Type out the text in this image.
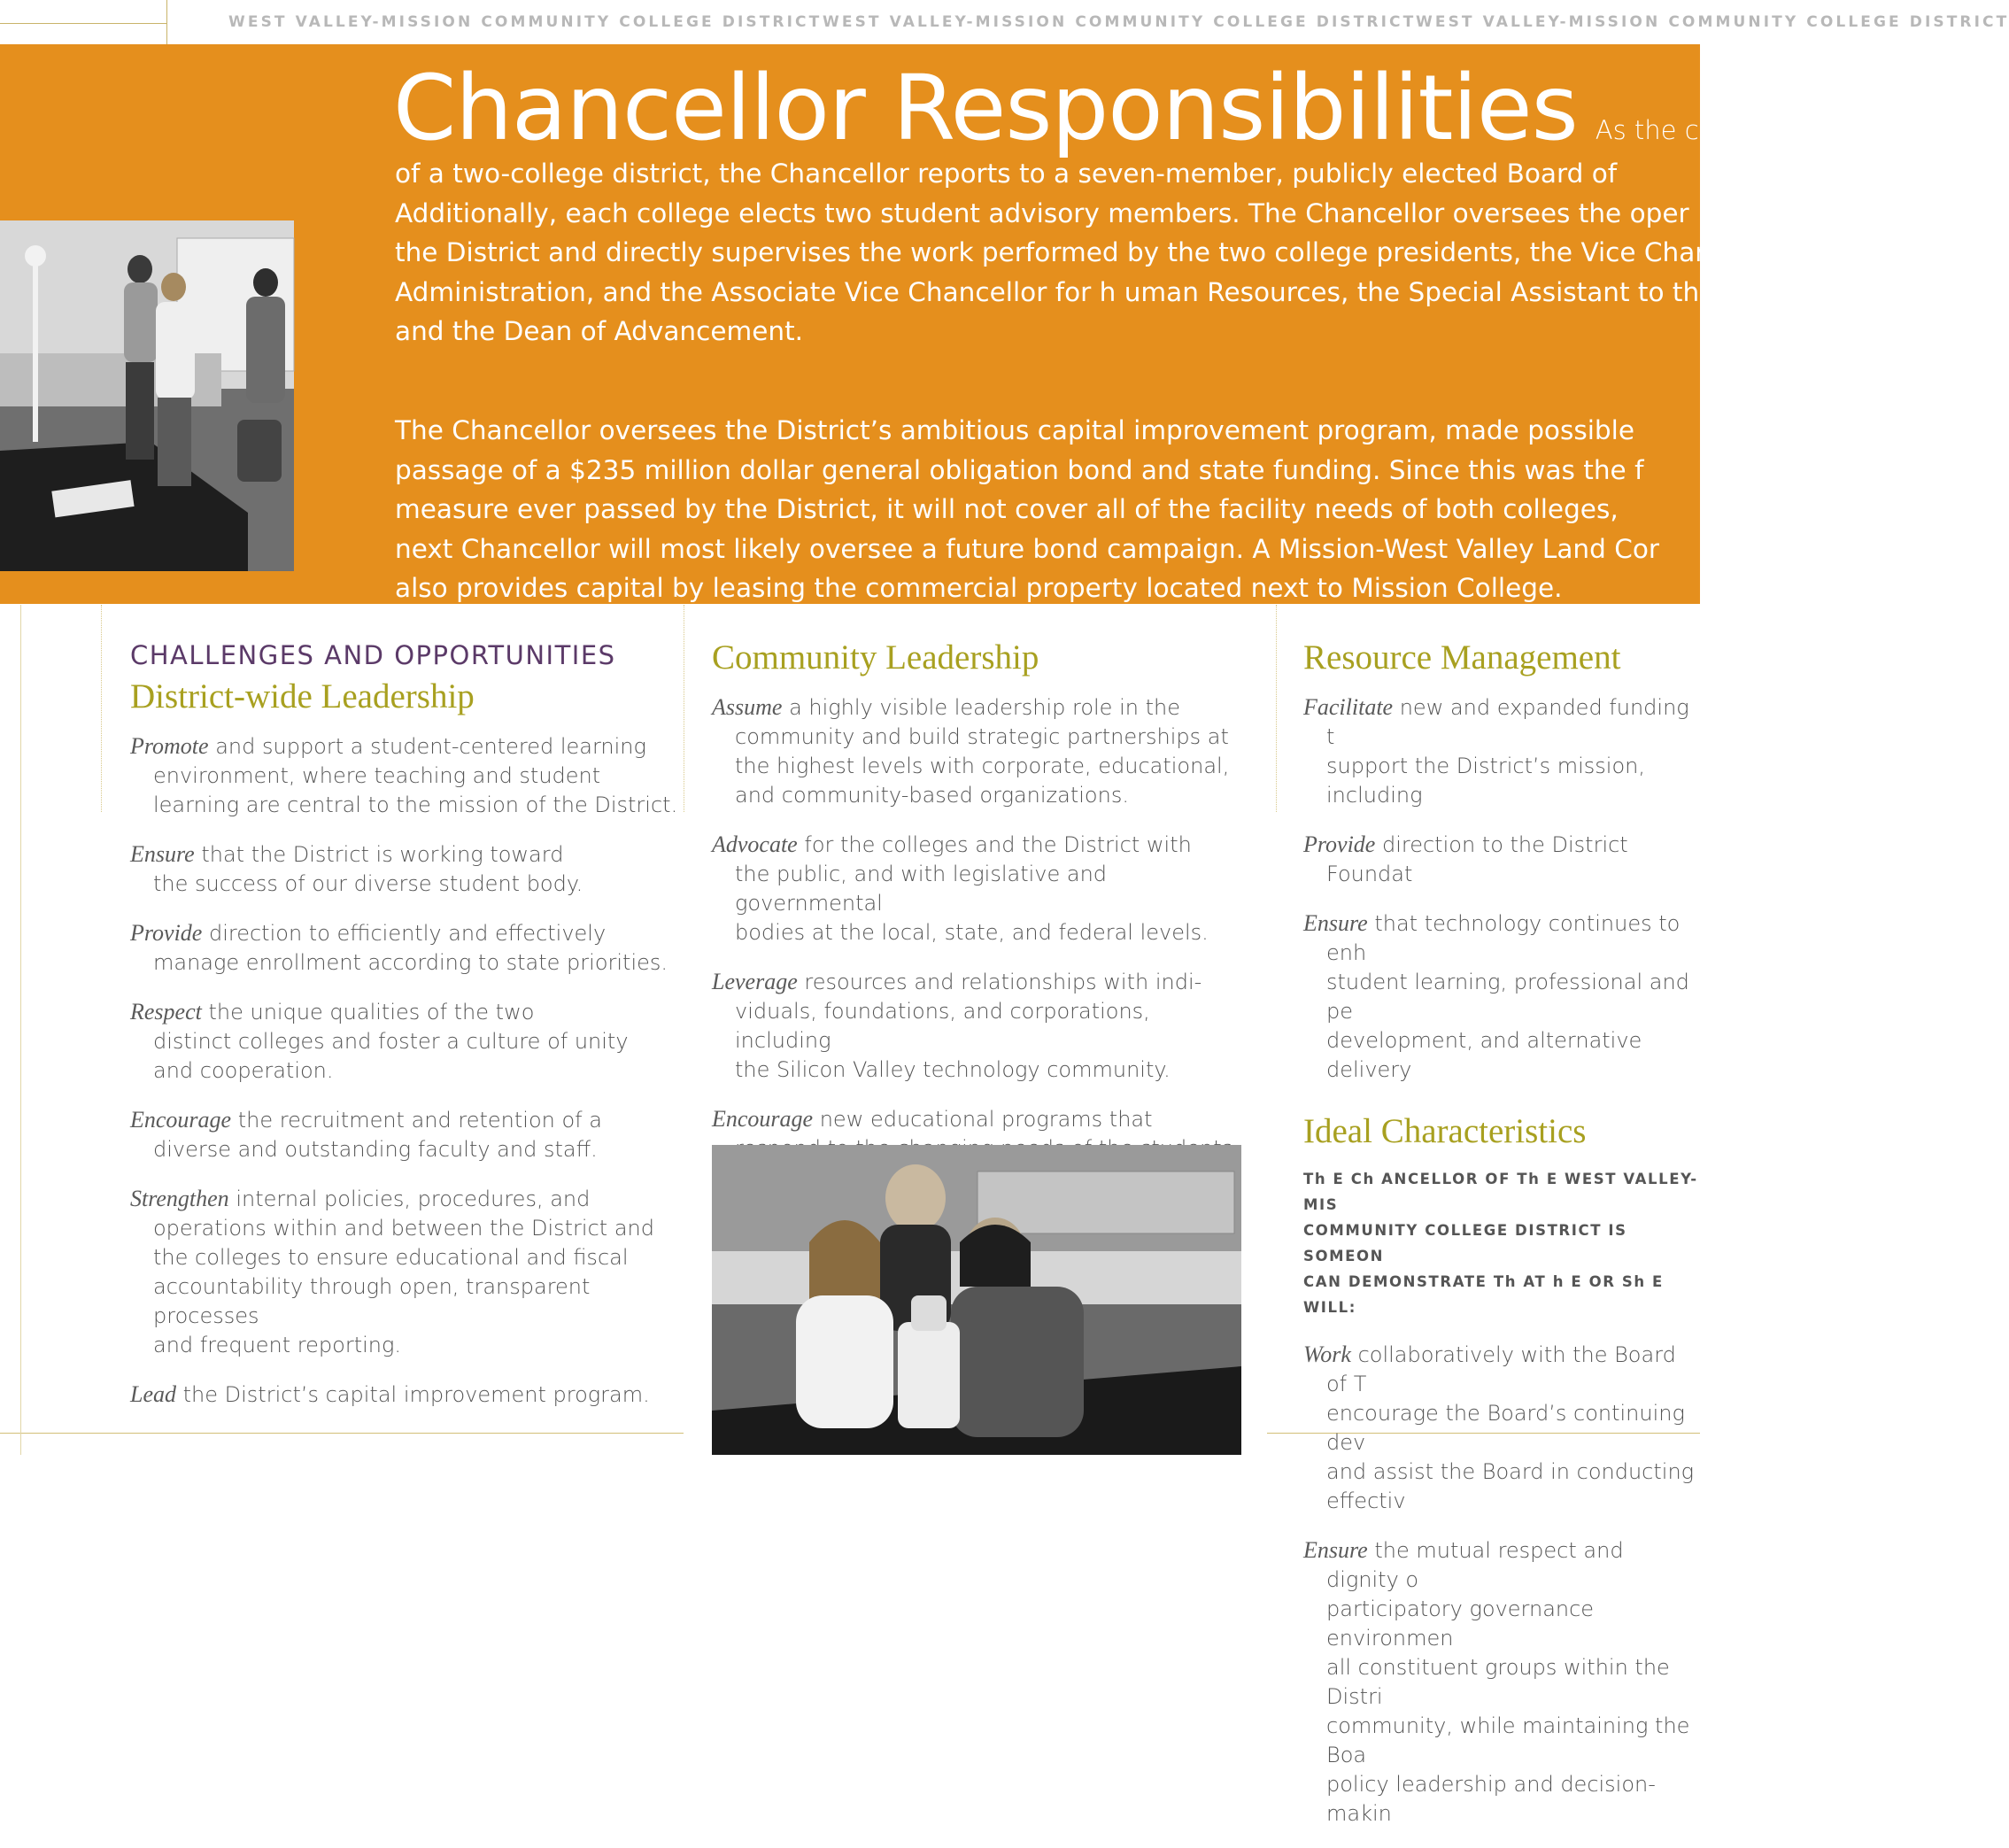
WEST VALLEY-MISSION COMMUNITY COLLEGE DISTRICT WEST VALLEY-MISSION COMMUNITY COLLEGE DISTRICT WEST VALLEY-MISSION COMMUNITY COLLEGE DISTRICT
Chancellor Responsibilities As the chief executiv

of a two-college district, the Chancellor reports to a seven-member, publicly elected Board of

Additionally, each college elects two student advisory members. The Chancellor oversees the oper

the District and directly supervises the work performed by the two college presidents, the Vice Chan

Administration, and the Associate Vice Chancellor for h uman Resources, the Special Assistant to the Ch

and the Dean of Advancement.

The Chancellor oversees the District’s ambitious capital improvement program, made possible

passage of a $235 million dollar general obligation bond and state funding. Since this was the f

measure ever passed by the District, it will not cover all of the facility needs of both colleges,

next Chancellor will most likely oversee a future bond campaign. A Mission-West Valley Land Cor

also provides capital by leasing the commercial property located next to Mission College.

CHALLENGES AND OPPORTUNITIES

District-wide Leadership

Promote and support a student-centered learning
environment, where teaching and student
learning are central to the mission of the District.

Ensure that the District is working toward
the success of our diverse student body.

Provide direction to efficiently and effectively
manage enrollment according to state priorities.

Respect the unique qualities of the two
distinct colleges and foster a culture of unity
and cooperation.

Encourage the recruitment and retention of a
diverse and outstanding faculty and staff.

Strengthen internal policies, procedures, and
operations within and between the District and
the colleges to ensure educational and fiscal
accountability through open, transparent processes
and frequent reporting.

Lead the District’s capital improvement program.

Community Leadership

Assume a highly visible leadership role in the
community and build strategic partnerships at
the highest levels with corporate, educational,
and community-based organizations.

Advocate for the colleges and the District with
the public, and with legislative and governmental
bodies at the local, state, and federal levels.

Leverage resources and relationships with indi-
viduals, foundations, and corporations, including
the Silicon Valley technology community.

Encourage new educational programs that

Resource Management

Facilitate new and expanded funding t
support the District’s mission, including

Provide direction to the District Foundat

Ensure that technology continues to enh
student learning, professional and pe
development, and alternative delivery

Ideal Characteristics

Th E Ch ANCELLOR OF Th E WEST VALLEY-MIS
COMMUNITY COLLEGE DISTRICT IS SOMEON
CAN DEMONSTRATE Th AT h E OR Sh E WILL:

Work collaboratively with the Board of T
encourage the Board’s continuing dev
and assist the Board in conducting effectiv

Ensure the mutual respect and dignity o
participatory governance environmen
all constituent groups within the Distri
community, while maintaining the Boa
policy leadership and decision-makin
